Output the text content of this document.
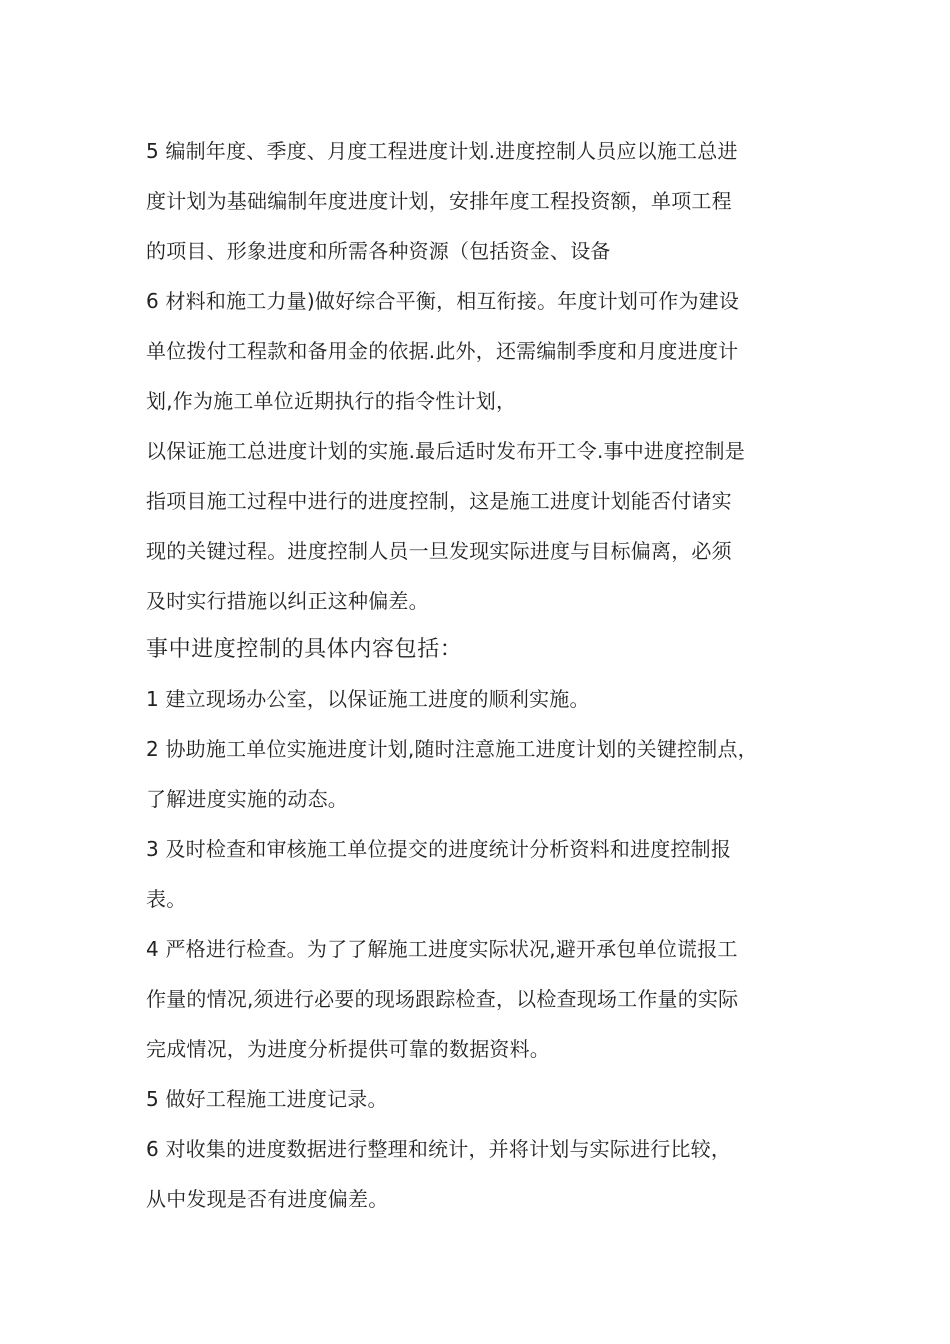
5 编制年度、季度、月度工程进度计划.进度控制人员应以施工总进
度计划为基础编制年度进度计划，安排年度工程投资额，单项工程
的项目、形象进度和所需各种资源（包括资金、设备
6 材料和施工力量)做好综合平衡，相互衔接。年度计划可作为建设
单位拨付工程款和备用金的依据.此外，还需编制季度和月度进度计
划,作为施工单位近期执行的指令性计划，
以保证施工总进度计划的实施.最后适时发布开工令.事中进度控制是
指项目施工过程中进行的进度控制，这是施工进度计划能否付诸实
现的关键过程。进度控制人员一旦发现实际进度与目标偏离，必须
及时实行措施以纠正这种偏差。
事中进度控制的具体内容包括：
1 建立现场办公室，以保证施工进度的顺利实施。
2 协助施工单位实施进度计划,随时注意施工进度计划的关键控制点，
了解进度实施的动态。
3 及时检查和审核施工单位提交的进度统计分析资料和进度控制报
表。
4 严格进行检查。为了了解施工进度实际状况,避开承包单位谎报工
作量的情况,须进行必要的现场跟踪检查，以检查现场工作量的实际
完成情况，为进度分析提供可靠的数据资料。
5 做好工程施工进度记录。
6 对收集的进度数据进行整理和统计，并将计划与实际进行比较，
从中发现是否有进度偏差。
